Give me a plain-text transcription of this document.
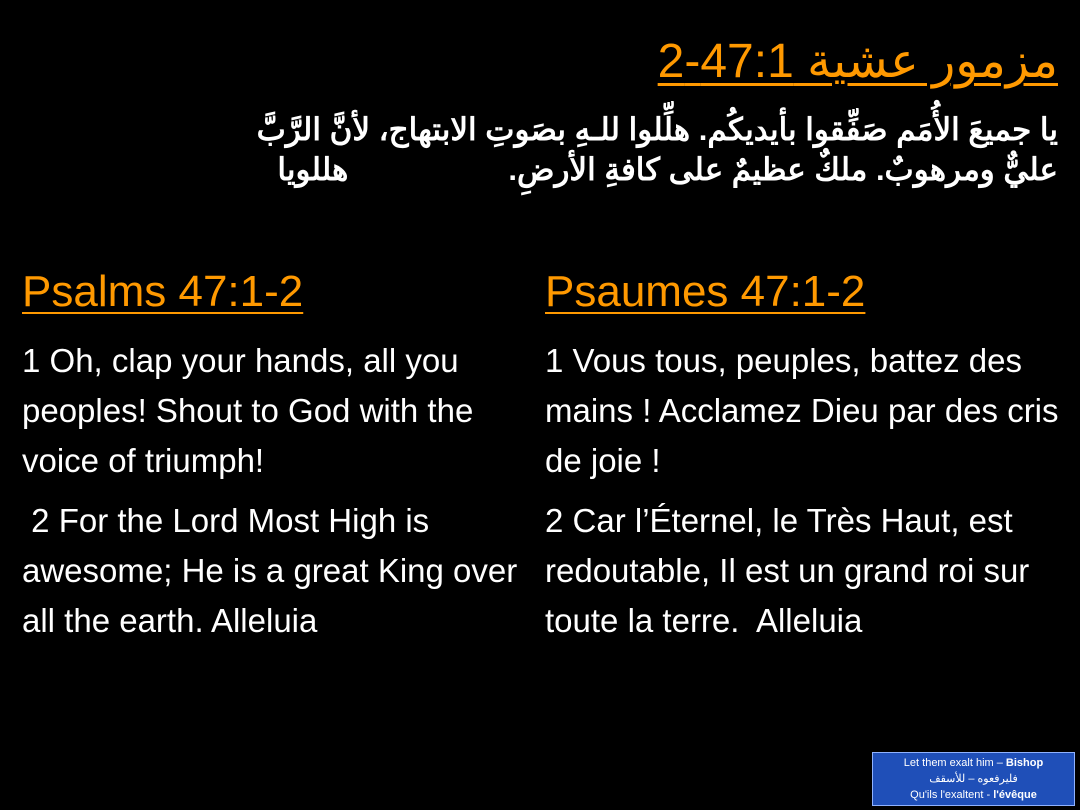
مزمور عشية 47:1-2
يا جميعَ الأُمَم صَفِّقوا بأيديكُم. هلِّلوا للـهِ بصَوتِ الابتهاج، لأنَّ الرَّبَّ
عليٌّ ومرهوبٌ. ملكٌ عظيمٌ على كافةِ الأرضِ.هللويا
Psalms 47:1-2

1 Oh, clap your hands, all you peoples! Shout to God with the voice of triumph!

2 For the Lord Most High is awesome; He is a great King over all the earth. Alleluia

Psaumes 47:1-2

1 Vous tous, peuples, battez des mains ! Acclamez Dieu par des cris de joie !

2 Car l’Éternel, le Très Haut, est redoutable, Il est un grand roi sur toute la terre.  Alleluia

Let them exalt him – Bishop
فليرفعوه – للأسقف
Qu'ils l'exaltent - l'évêque
